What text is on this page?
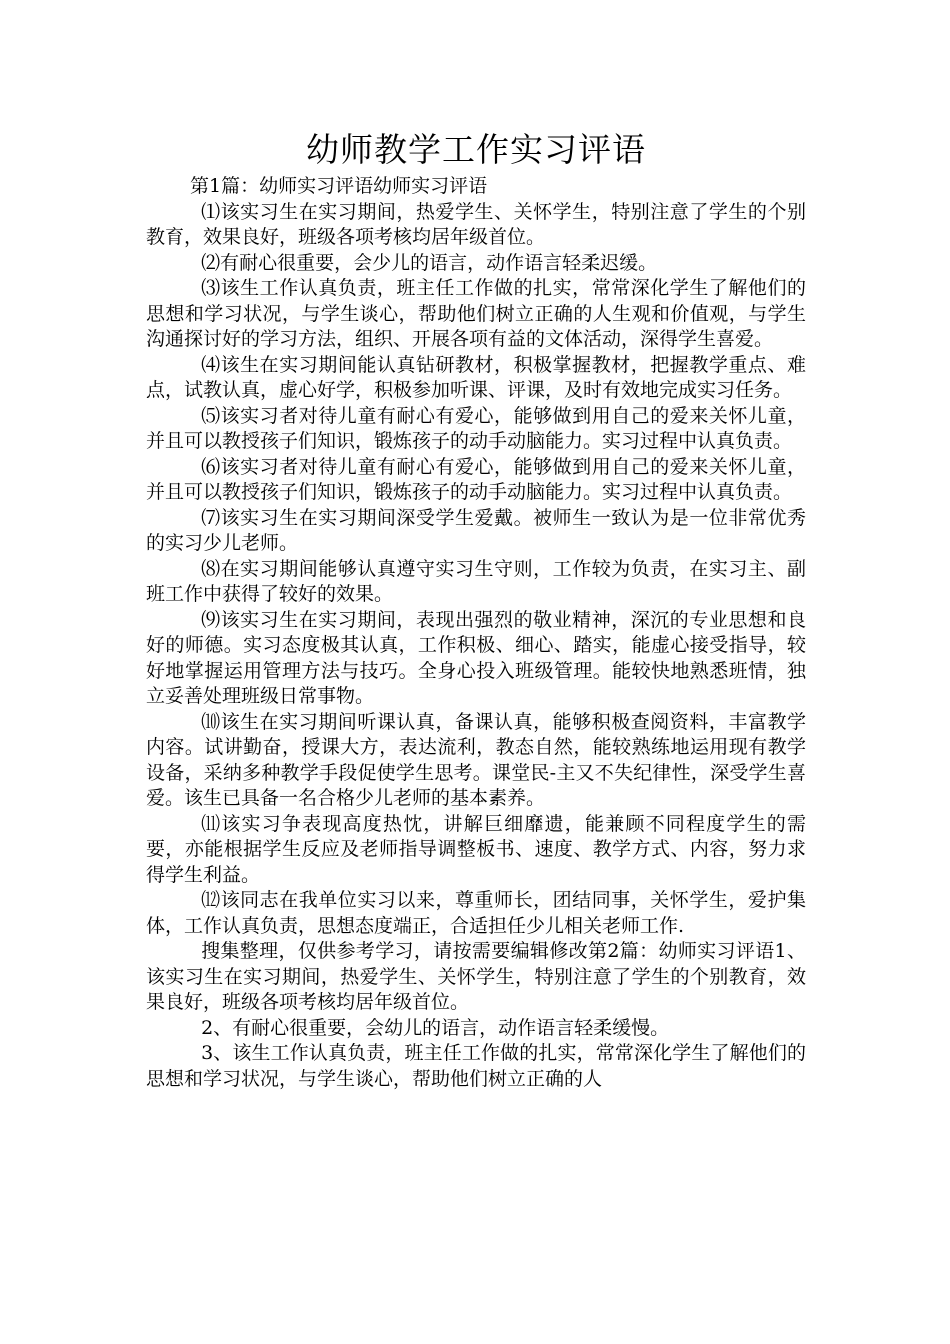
幼师教学工作实习评语

第1篇：幼师实习评语幼师实习评语

⑴该实习生在实习期间，热爱学生、关怀学生，特别注意了学生的个别教育，效果良好，班级各项考核均居年级首位。

⑵有耐心很重要，会少儿的语言，动作语言轻柔迟缓。

⑶该生工作认真负责，班主任工作做的扎实，常常深化学生了解他们的思想和学习状况，与学生谈心，帮助他们树立正确的人生观和价值观，与学生沟通探讨好的学习方法，组织、开展各项有益的文体活动，深得学生喜爱。

⑷该生在实习期间能认真钻研教材，积极掌握教材，把握教学重点、难点，试教认真，虚心好学，积极参加听课、评课，及时有效地完成实习任务。

⑸该实习者对待儿童有耐心有爱心，能够做到用自己的爱来关怀儿童，并且可以教授孩子们知识，锻炼孩子的动手动脑能力。实习过程中认真负责。

⑹该实习者对待儿童有耐心有爱心，能够做到用自己的爱来关怀儿童，并且可以教授孩子们知识，锻炼孩子的动手动脑能力。实习过程中认真负责。

⑺该实习生在实习期间深受学生爱戴。被师生一致认为是一位非常优秀的实习少儿老师。

⑻在实习期间能够认真遵守实习生守则，工作较为负责，在实习主、副班工作中获得了较好的效果。

⑼该实习生在实习期间，表现出强烈的敬业精神，深沉的专业思想和良好的师德。实习态度极其认真，工作积极、细心、踏实，能虚心接受指导，较好地掌握运用管理方法与技巧。全身心投入班级管理。能较快地熟悉班情，独立妥善处理班级日常事物。

⑽该生在实习期间听课认真，备课认真，能够积极查阅资料，丰富教学内容。试讲勤奋，授课大方，表达流利，教态自然，能较熟练地运用现有教学设备，采纳多种教学手段促使学生思考。课堂民-主又不失纪律性，深受学生喜爱。该生已具备一名合格少儿老师的基本素养。

⑾该实习争表现高度热忱，讲解巨细靡遗，能兼顾不同程度学生的需要，亦能根据学生反应及老师指导调整板书、速度、教学方式、内容，努力求得学生利益。

⑿该同志在我单位实习以来，尊重师长，团结同事，关怀学生，爱护集体，工作认真负责，思想态度端正，合适担任少儿相关老师工作.

搜集整理，仅供参考学习，请按需要编辑修改第2篇：幼师实习评语1、该实习生在实习期间，热爱学生、关怀学生，特别注意了学生的个别教育，效果良好，班级各项考核均居年级首位。

2、有耐心很重要，会幼儿的语言，动作语言轻柔缓慢。

3、该生工作认真负责，班主任工作做的扎实，常常深化学生了解他们的思想和学习状况，与学生谈心，帮助他们树立正确的人
